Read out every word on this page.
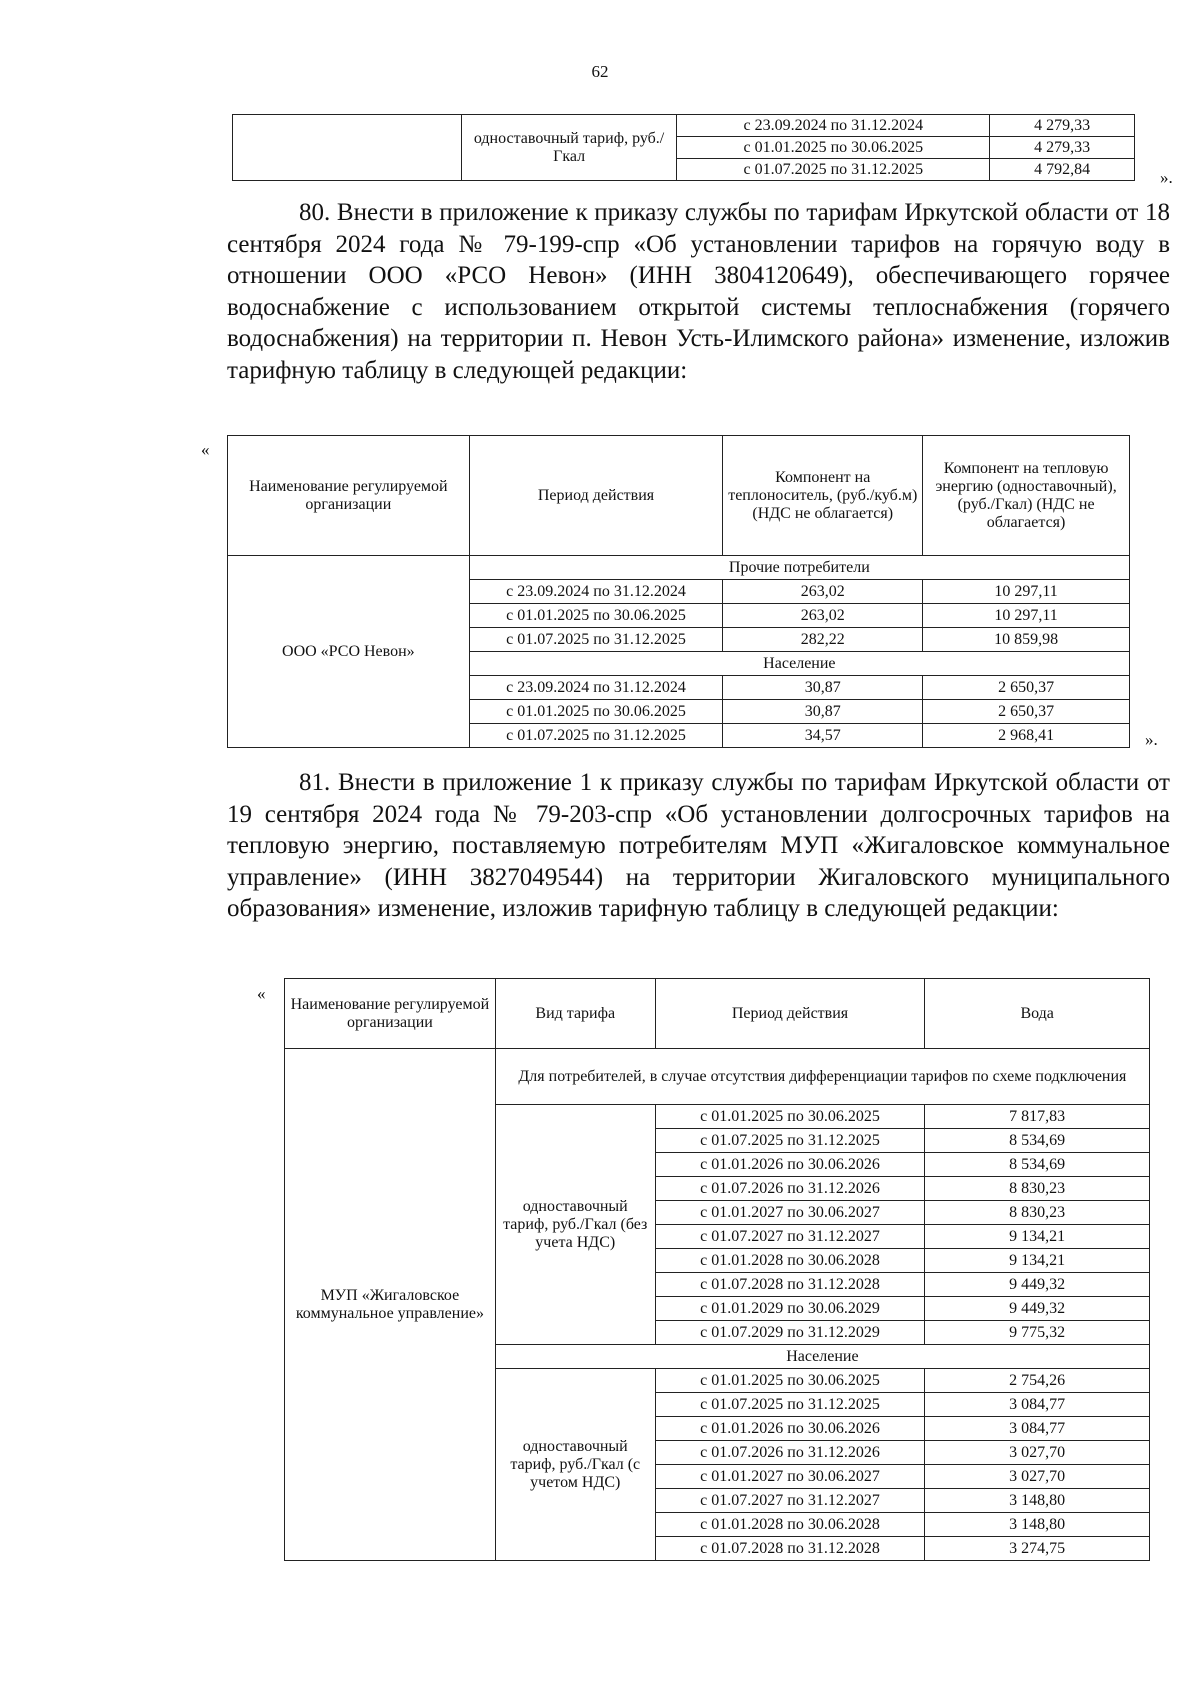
62
	одноставочный тариф, руб./Гкал	с 23.09.2024 по 31.12.2024	4 279,33
		с 01.01.2025 по 30.06.2025	4 279,33
		с 01.07.2025 по 31.12.2025	4 792,84	».

80. Внести в приложение к приказу службы по тарифам Иркутской области от 18 сентября 2024 года № 79-199-спр «Об установлении тарифов на горячую воду в отношении ООО «РСО Невон» (ИНН 3804120649), обеспечивающего горячее водоснабжение с использованием открытой системы теплоснабжения (горячего водоснабжения) на территории п. Невон Усть-Илимского района» изменение, изложив тарифную таблицу в следующей редакции:

«
Наименование регулируемой организации	Период действия	Компонент на теплоноситель, (руб./куб.м) (НДС не облагается)	Компонент на тепловую энергию (одноставочный), (руб./Гкал) (НДС не облагается)
ООО «РСО Невон»	Прочие потребители		
	с 23.09.2024 по 31.12.2024	263,02	10 297,11
	с 01.01.2025 по 30.06.2025	263,02	10 297,11
	с 01.07.2025 по 31.12.2025	282,22	10 859,98
	Население		
	с 23.09.2024 по 31.12.2024	30,87	2 650,37
	с 01.01.2025 по 30.06.2025	30,87	2 650,37
	с 01.07.2025 по 31.12.2025	34,57	2 968,41	».

81. Внести в приложение 1 к приказу службы по тарифам Иркутской области от 19 сентября 2024 года № 79-203-спр «Об установлении долгосрочных тарифов на тепловую энергию, поставляемую потребителям МУП «Жигаловское коммунальное управление» (ИНН 3827049544) на территории Жигаловского муниципального образования» изменение, изложив тарифную таблицу в следующей редакции:

«
Наименование регулируемой организации	Вид тарифа	Период действия	Вода
МУП «Жигаловское коммунальное управление»	Для потребителей, в случае отсутствия дифференциации тарифов по схеме подключения		
	одноставочный тариф, руб./Гкал (без учета НДС)	с 01.01.2025 по 30.06.2025	7 817,83
		с 01.07.2025 по 31.12.2025	8 534,69
		с 01.01.2026 по 30.06.2026	8 534,69
		с 01.07.2026 по 31.12.2026	8 830,23
		с 01.01.2027 по 30.06.2027	8 830,23
		с 01.07.2027 по 31.12.2027	9 134,21
		с 01.01.2028 по 30.06.2028	9 134,21
		с 01.07.2028 по 31.12.2028	9 449,32
		с 01.01.2029 по 30.06.2029	9 449,32
		с 01.07.2029 по 31.12.2029	9 775,32
	Население		
	одноставочный тариф, руб./Гкал (с учетом НДС)	с 01.01.2025 по 30.06.2025	2 754,26
		с 01.07.2025 по 31.12.2025	3 084,77
		с 01.01.2026 по 30.06.2026	3 084,77
		с 01.07.2026 по 31.12.2026	3 027,70
		с 01.01.2027 по 30.06.2027	3 027,70
		с 01.07.2027 по 31.12.2027	3 148,80
		с 01.01.2028 по 30.06.2028	3 148,80
		с 01.07.2028 по 31.12.2028	3 274,75
